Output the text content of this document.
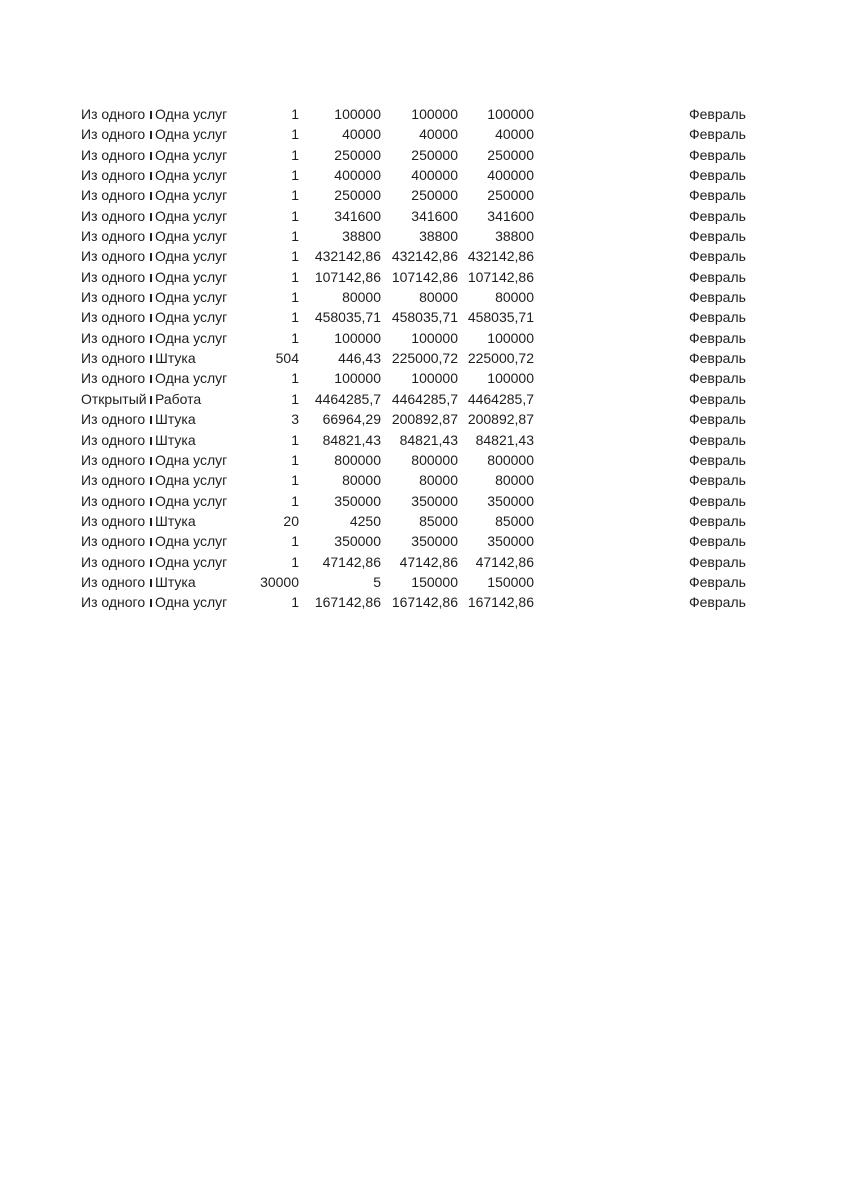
Из одного Одна услуг	1	100000	100000	100000	Февраль
Из одного Одна услуг	1	40000	40000	40000	Февраль
Из одного Одна услуг	1	250000	250000	250000	Февраль
Из одного Одна услуг	1	400000	400000	400000	Февраль
Из одного Одна услуг	1	250000	250000	250000	Февраль
Из одного Одна услуг	1	341600	341600	341600	Февраль
Из одного Одна услуг	1	38800	38800	38800	Февраль
Из одного Одна услуг	1	432142,86 432142,86 432142,86	Февраль
Из одного Одна услуг	1	107142,86 107142,86 107142,86	Февраль
Из одного Одна услуг	1	80000	80000	80000	Февраль
Из одного Одна услуг	1	458035,71 458035,71 458035,71	Февраль
Из одного Одна услуг	1	100000	100000	100000	Февраль
Из одного Штука	504	446,43 225000,72 225000,72	Февраль
Из одного Одна услуг	1	100000	100000	100000	Февраль
Открытый Работа	1	4464285,7 4464285,7 4464285,7	Февраль
Из одного Штука	3	66964,29 200892,87 200892,87	Февраль
Из одного Штука	1	84821,43	84821,43	84821,43	Февраль
Из одного Одна услуг	1	800000	800000	800000	Февраль
Из одного Одна услуг	1	80000	80000	80000	Февраль
Из одного Одна услуг	1	350000	350000	350000	Февраль
Из одного Штука	20	4250	85000	85000	Февраль
Из одного Одна услуг	1	350000	350000	350000	Февраль
Из одного Одна услуг	1	47142,86	47142,86	47142,86	Февраль
Из одного Штука	30000	5	150000	150000	Февраль
Из одного Одна услуг	1	167142,86 167142,86 167142,86	Февраль
